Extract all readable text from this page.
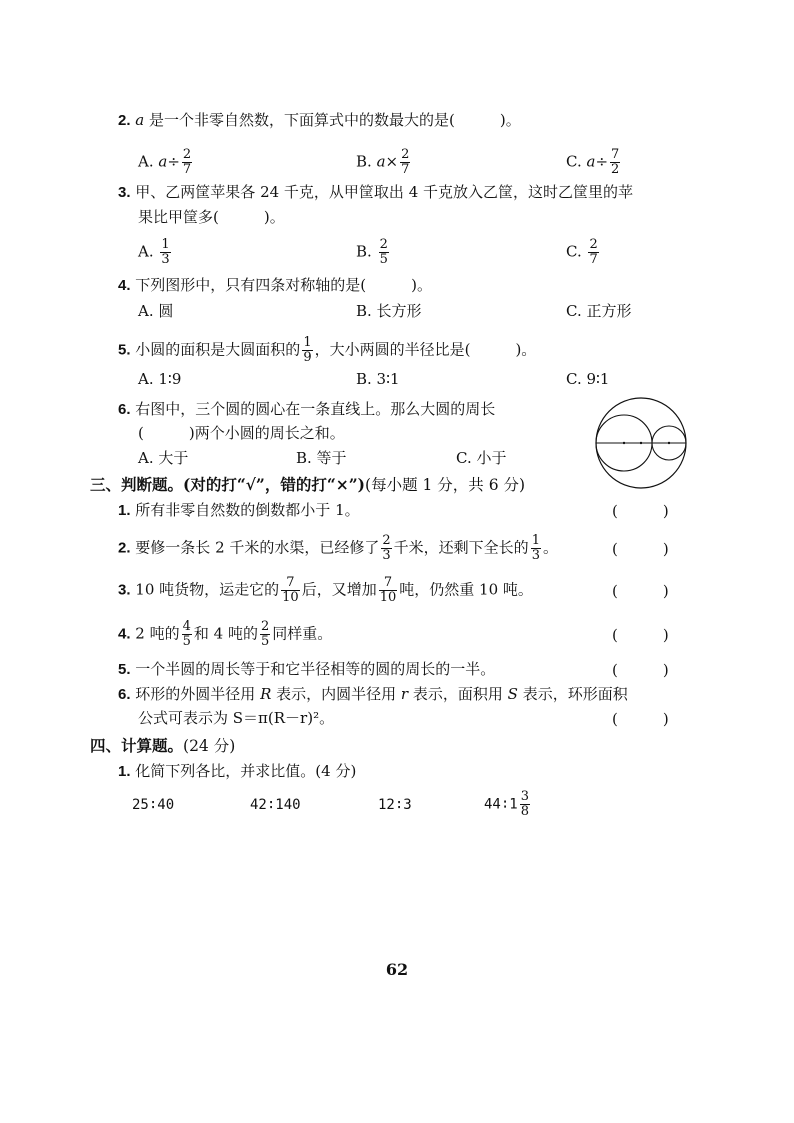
2. a 是一个非零自然数，下面算式中的数最大的是(　　　)。
A. $a\div \frac{2}{7}$	B. $a\times \frac{2}{7}$	C. $a\div \frac{7}{2}$
3. 甲、乙两筐苹果各 24 千克，从甲筐取出 4 千克放入乙筐，这时乙筐里的苹
果比甲筐多(　　　)。
A. $\frac{1}{3}$	B. $\frac{2}{5}$	C. $\frac{2}{7}$
4. 下列图形中，只有四条对称轴的是(　　　)。
A. 圆	B. 长方形	C. 正方形
5. 小圆的面积是大圆面积的 $\frac{1}{9}$ ，大小两圆的半径比是(　　　)。
A. 1∶9	B. 3∶1	C. 9∶1
6. 右图中，三个圆的圆心在一条直线上。那么大圆的周长
(　　　)两个小圆的周长之和。
A. 大于	B. 等于	C. 小于
三、判断题。(对的打“√”，错的打“×”)(每小题 1 分，共 6 分)
1. 所有非零自然数的倒数都小于 1。	(　　　)
2. 要修一条长 2 千米的水渠，已经修了 $\frac{2}{3}$ 千米，还剩下全长的 $\frac{1}{3}$ 。	(　　　)
3. 10 吨货物，运走它的 $\frac{7}{10}$ 后，又增加 $\frac{7}{10}$ 吨，仍然重 10 吨。	(　　　)
4. 2 吨的 $\frac{4}{5}$ 和 4 吨的 $\frac{2}{5}$ 同样重。	(　　　)
5. 一个半圆的周长等于和它半径相等的圆的周长的一半。	(　　　)
6. 环形的外圆半径用 R 表示，内圆半径用 r 表示，面积用 S 表示，环形面积
公式可表示为 S＝π(R－r)²。	(　　　)
四、计算题。(24 分)
1. 化简下列各比，并求比值。(4 分)
25∶40	42∶140	12∶3	44∶1 $\frac{3}{8}$
62
